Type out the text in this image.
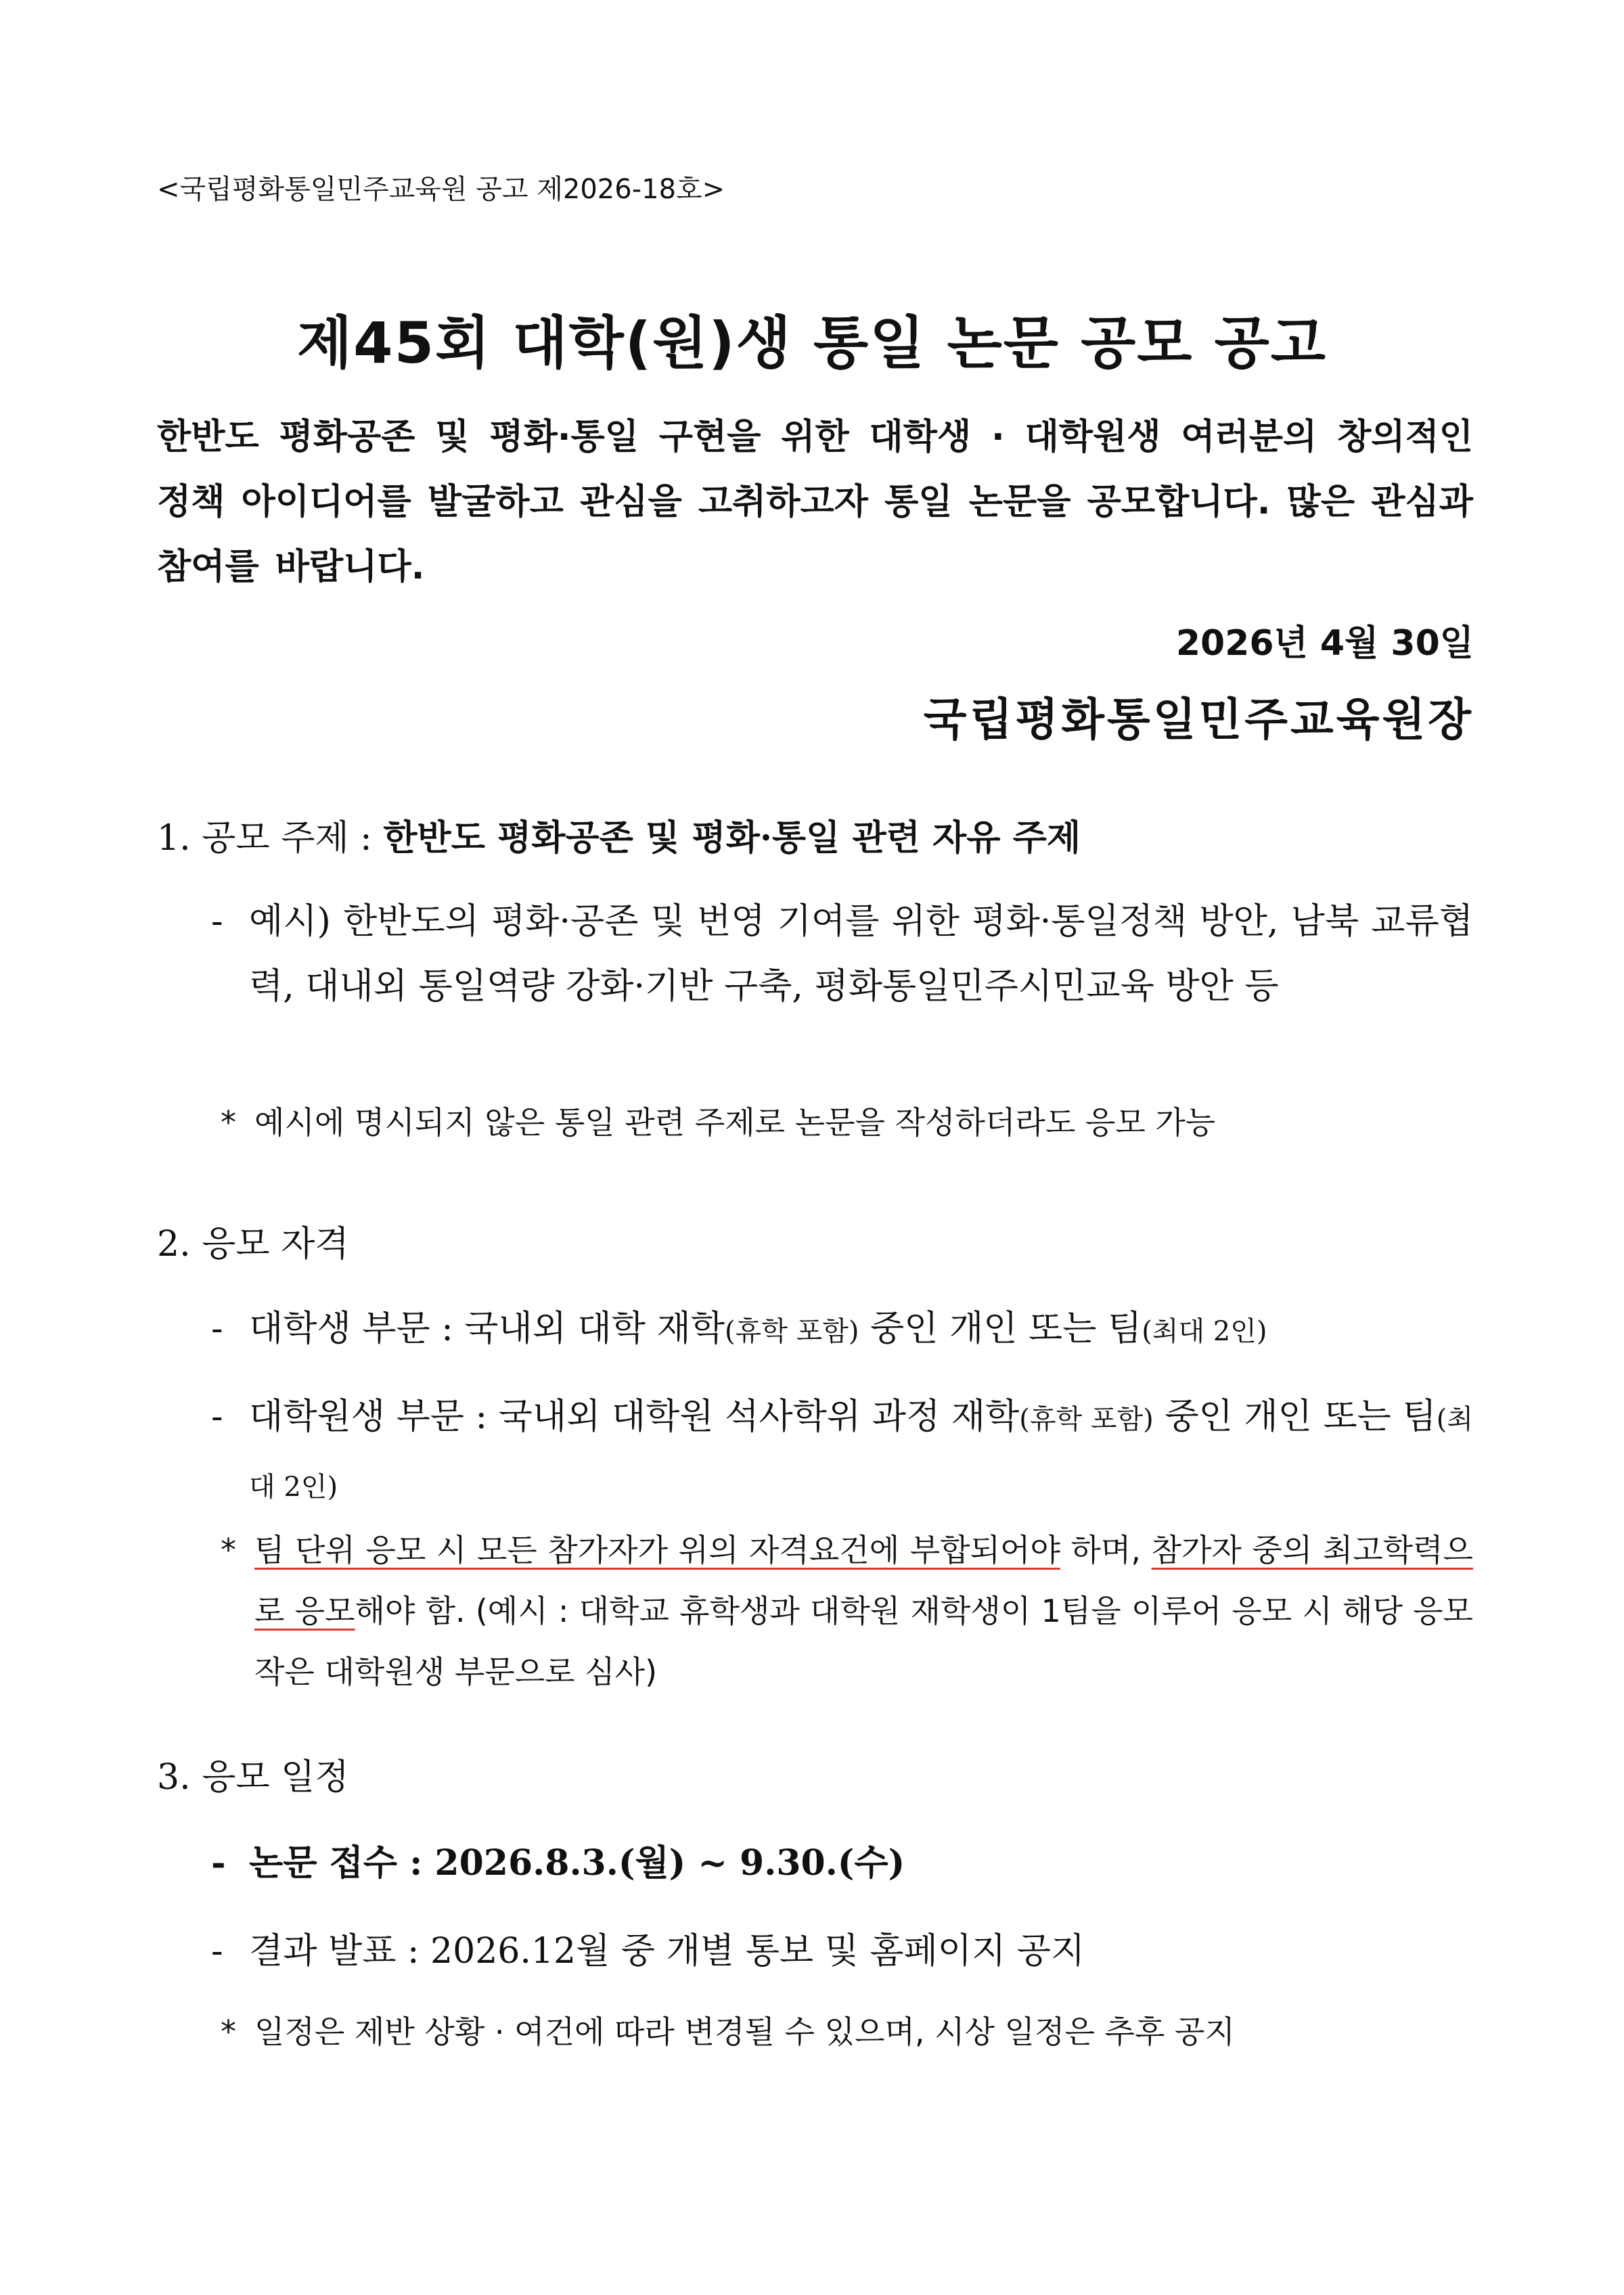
<국립평화통일민주교육원 공고 제2026-18호>
제45회 대학(원)생 통일 논문 공모 공고
한반도 평화공존 및 평화·통일 구현을 위한 대학생 · 대학원생 여러분의 창의적인 정책 아이디어를 발굴하고 관심을 고취하고자 통일 논문을 공모합니다. 많은 관심과 참여를 바랍니다.
2026년 4월 30일
국립평화통일민주교육원장
1. 공모 주제 : 한반도 평화공존 및 평화·통일 관련 자유 주제
- 예시) 한반도의 평화·공존 및 번영 기여를 위한 평화·통일정책 방안, 남북 교류협력, 대내외 통일역량 강화·기반 구축, 평화통일민주시민교육 방안 등
* 예시에 명시되지 않은 통일 관련 주제로 논문을 작성하더라도 응모 가능
2. 응모 자격
- 대학생 부문 : 국내외 대학 재학(휴학 포함) 중인 개인 또는 팀(최대 2인)
- 대학원생 부문 : 국내외 대학원 석사학위 과정 재학(휴학 포함) 중인 개인 또는 팀(최대 2인)
* 팀 단위 응모 시 모든 참가자가 위의 자격요건에 부합되어야 하며, 참가자 중의 최고학력으로 응모해야 함. (예시 : 대학교 휴학생과 대학원 재학생이 1팀을 이루어 응모 시 해당 응모작은 대학원생 부문으로 심사)
3. 응모 일정
- 논문 접수 : 2026.8.3.(월) ~ 9.30.(수)
- 결과 발표 : 2026.12월 중 개별 통보 및 홈페이지 공지
* 일정은 제반 상황 · 여건에 따라 변경될 수 있으며, 시상 일정은 추후 공지
